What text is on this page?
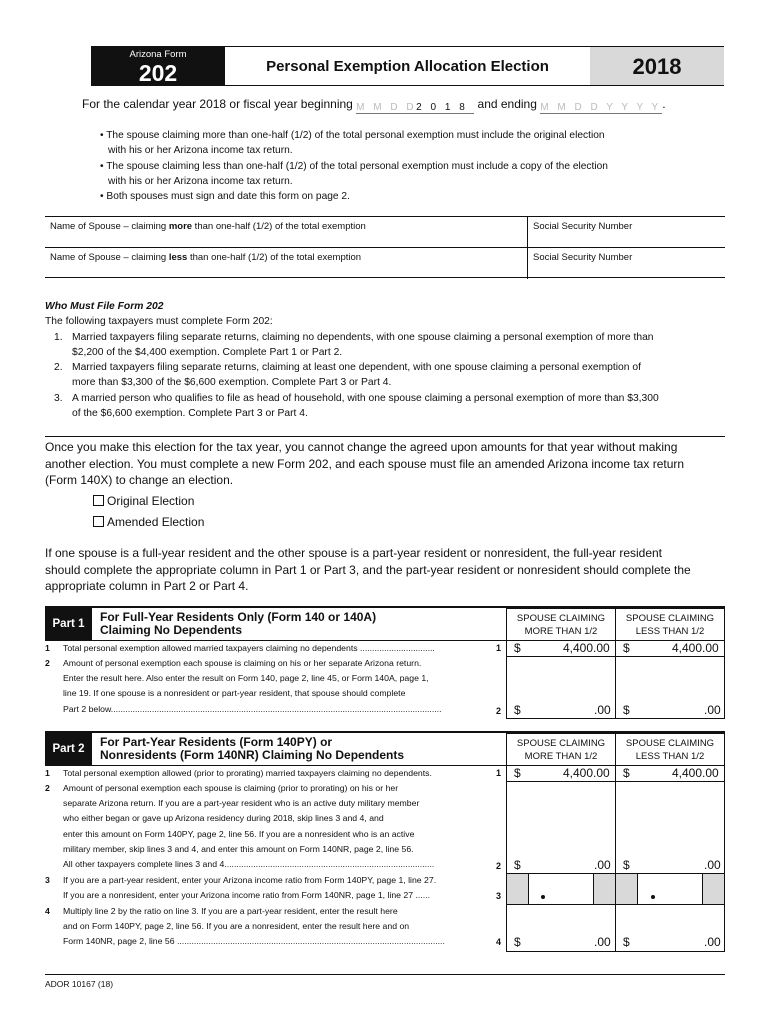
Arizona Form
202	Personal Exemption Allocation Election	2018
For the calendar year 2018 or fiscal year beginning M M D D2 0 1 8 and ending M M D D Y Y Y Y.
• The spouse claiming more than one-half (1/2) of the total personal exemption must include the original election
with his or her Arizona income tax return.
• The spouse claiming less than one-half (1/2) of the total personal exemption must include a copy of the election
with his or her Arizona income tax return.
• Both spouses must sign and date this form on page 2.
Name of Spouse – claiming more than one-half (1/2) of the total exemption	Social Security Number
Name of Spouse – claiming less than one-half (1/2) of the total exemption	Social Security Number
Who Must File Form 202
The following taxpayers must complete Form 202:
1. Married taxpayers filing separate returns, claiming no dependents, with one spouse claiming a personal exemption of more than
$2,200 of the $4,400 exemption. Complete Part 1 or Part 2.
2. Married taxpayers filing separate returns, claiming at least one dependent, with one spouse claiming a personal exemption of
more than $3,300 of the $6,600 exemption. Complete Part 3 or Part 4.
3. A married person who qualifies to file as head of household, with one spouse claiming a personal exemption of more than $3,300
of the $6,600 exemption. Complete Part 3 or Part 4.
Once you make this election for the tax year, you cannot change the agreed upon amounts for that year without making
another election. You must complete a new Form 202, and each spouse must file an amended Arizona income tax return
(Form 140X) to change an election.
Original Election
Amended Election
If one spouse is a full-year resident and the other spouse is a part-year resident or nonresident, the full-year resident
should complete the appropriate column in Part 1 or Part 3, and the part-year resident or nonresident should complete the
appropriate column in Part 2 or Part 4.
Part 1	For Full-Year Residents Only (Form 140 or 140A)
Claiming No Dependents
SPOUSE CLAIMING
MORE THAN 1/2
SPOUSE CLAIMING
LESS THAN 1/2
1	Total personal exemption allowed married taxpayers claiming no dependents ...............................	1 $	4,400.00 $	4,400.00
2	Amount of personal exemption each spouse is claiming on his or her separate Arizona return.
Enter the result here. Also enter the result on Form 140, page 2, line 45, or Form 140A, page 1,
line 19. If one spouse is a nonresident or part-year resident, that spouse should complete
Part 2 below.........................................................................................................................................	2 $	.00 $	.00
Part 2	For Part-Year Residents (Form 140PY) or
Nonresidents (Form 140NR) Claiming No Dependents
SPOUSE CLAIMING
MORE THAN 1/2
SPOUSE CLAIMING
LESS THAN 1/2
1	Total personal exemption allowed (prior to prorating) married taxpayers claiming no dependents.	1 $	4,400.00 $	4,400.00
2	Amount of personal exemption each spouse is claiming (prior to prorating) on his or her
separate Arizona return. If you are a part-year resident who is an active duty military member
who either began or gave up Arizona residency during 2018, skip lines 3 and 4, and
enter this amount on Form 140PY, page 2, line 56. If you are a nonresident who is an active
military member, skip lines 3 and 4, and enter this amount on Form 140NR, page 2, line 56.
All other taxpayers complete lines 3 and 4.......................................................................................	2 $	.00 $	.00
3	If you are a part-year resident, enter your Arizona income ratio from Form 140PY, page 1, line 27.
If you are a nonresident, enter your Arizona income ratio from Form 140NR, page 1, line 27 ......	3
4	Multiply line 2 by the ratio on line 3. If you are a part-year resident, enter the result here
and on Form 140PY, page 2, line 56. If you are a nonresident, enter the result here and on
Form 140NR, page 2, line 56 ...............................................................................................................	4 $	.00 $	.00
ADOR 10167 (18)
